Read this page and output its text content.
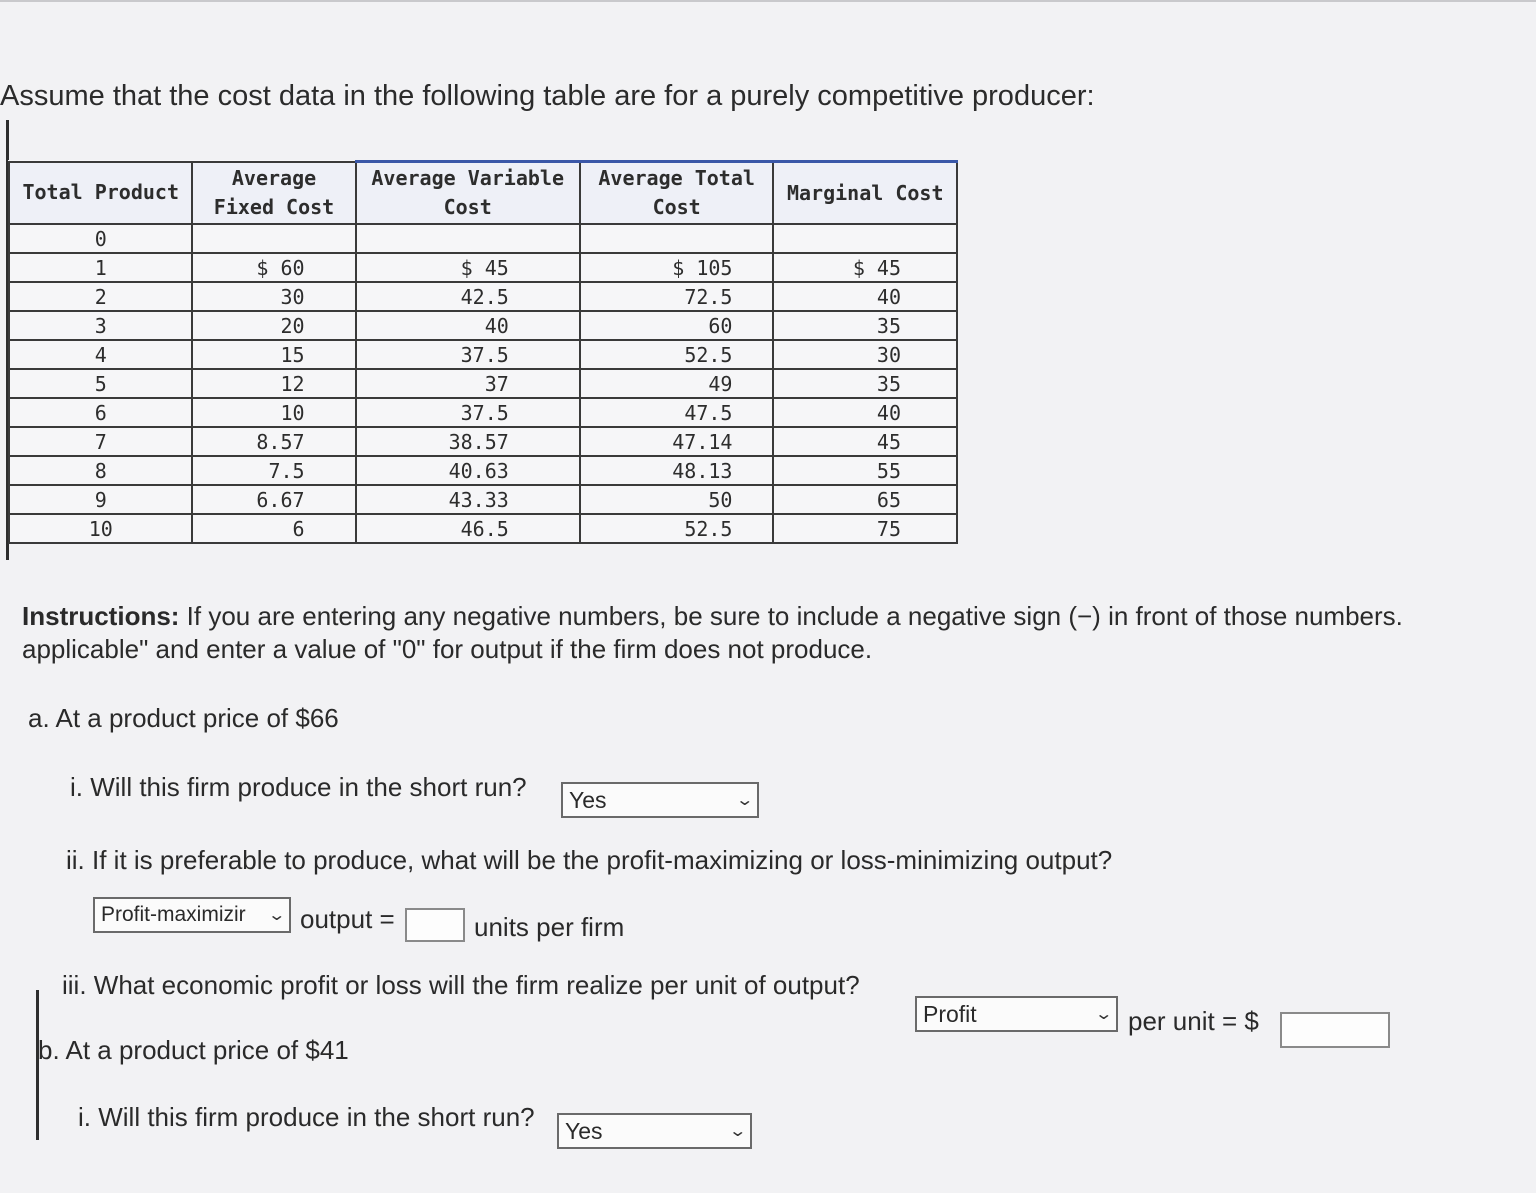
Assume that the cost data in the following table are for a purely competitive producer:
Total Product	Average Fixed Cost	Average Variable Cost	Average Total Cost	Marginal Cost
0				
1	$ 60	$ 45	$ 105	$ 45
2	30	42.5	72.5	40
3	20	40	60	35
4	15	37.5	52.5	30
5	12	37	49	35
6	10	37.5	47.5	40
7	8.57	38.57	47.14	45
8	7.5	40.63	48.13	55
9	6.67	43.33	50	65
10	6	46.5	52.5	75
Instructions: If you are entering any negative numbers, be sure to include a negative sign (−) in front of those numbers.
applicable" and enter a value of "0" for output if the firm does not produce.
a. At a product price of $66
i. Will this firm produce in the short run? Yes	⌄
ii. If it is preferable to produce, what will be the profit-maximizing or loss-minimizing output?
Profit-maximizir ⌄ output =	units per firm
iii. What economic profit or loss will the firm realize per unit of output?
Profit	⌄ per unit = $
b. At a product price of $41
i. Will this firm produce in the short run? Yes	⌄
